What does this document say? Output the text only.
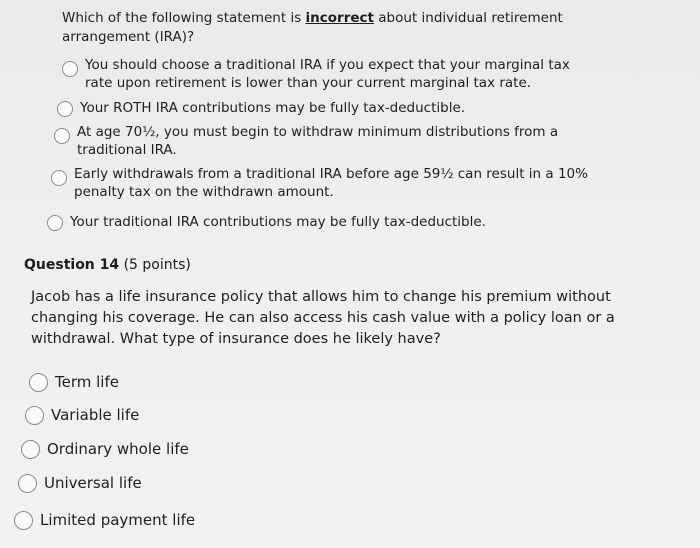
Which of the following statement is incorrect about individual retirement arrangement (IRA)?
You should choose a traditional IRA if you expect that your marginal tax rate upon retirement is lower than your current marginal tax rate.
Your ROTH IRA contributions may be fully tax-deductible.
At age 70½, you must begin to withdraw minimum distributions from a traditional IRA.
Early withdrawals from a traditional IRA before age 59½ can result in a 10% penalty tax on the withdrawn amount.
Your traditional IRA contributions may be fully tax-deductible.
Question 14 (5 points)
Jacob has a life insurance policy that allows him to change his premium without changing his coverage. He can also access his cash value with a policy loan or a withdrawal. What type of insurance does he likely have?
Term life
Variable life
Ordinary whole life
Universal life
Limited payment life
